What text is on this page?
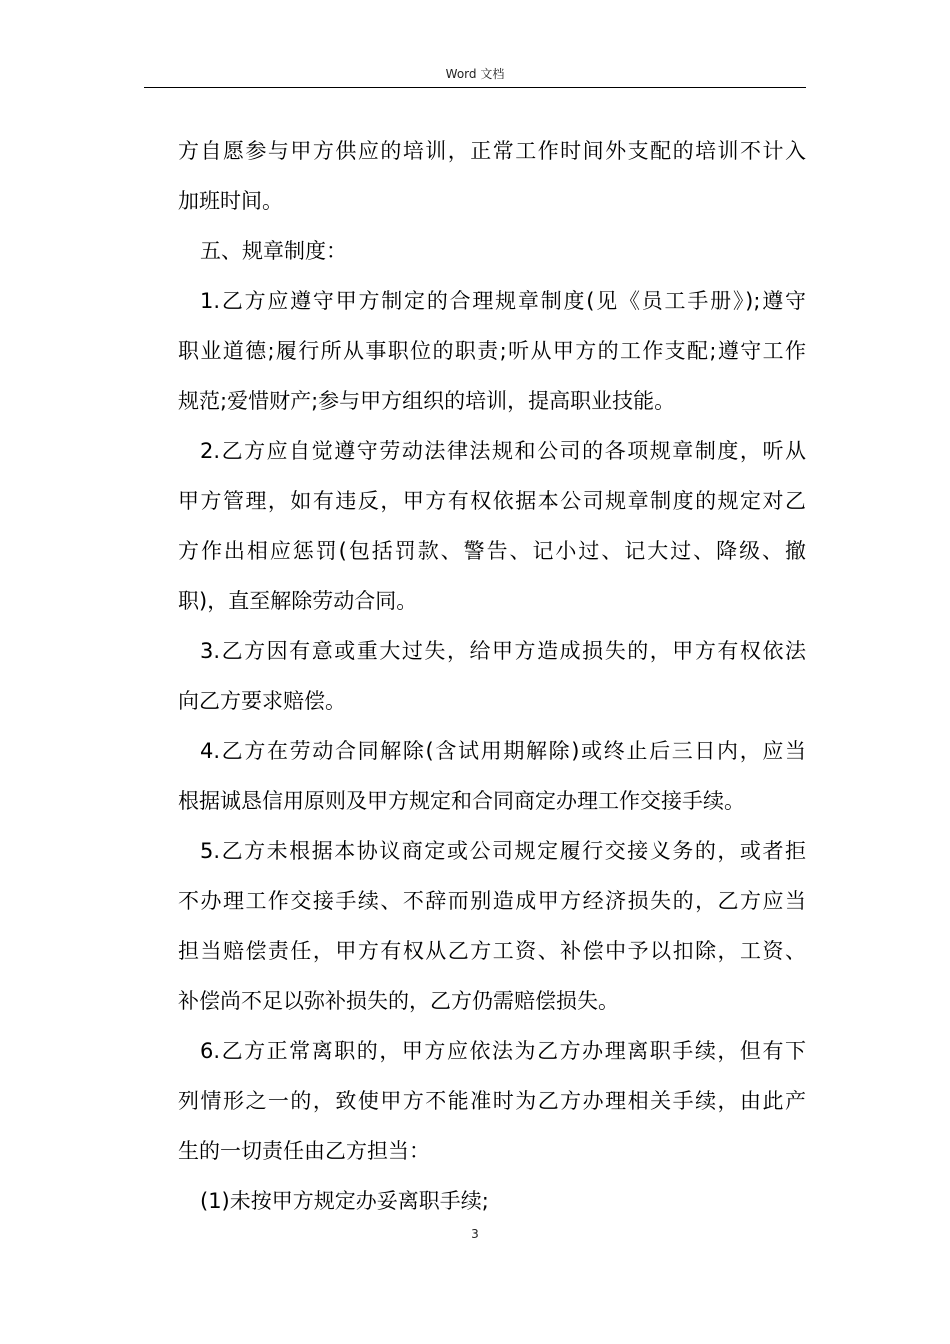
Word 文档
方自愿参与甲方供应的培训，正常工作时间外支配的培训不计入
加班时间。
五、规章制度：
1.乙方应遵守甲方制定的合理规章制度(见《员工手册》);遵守
职业道德;履行所从事职位的职责;听从甲方的工作支配;遵守工作
规范;爱惜财产;参与甲方组织的培训，提高职业技能。
2.乙方应自觉遵守劳动法律法规和公司的各项规章制度，听从
甲方管理，如有违反，甲方有权依据本公司规章制度的规定对乙
方作出相应惩罚(包括罚款、警告、记小过、记大过、降级、撤
职)，直至解除劳动合同。
3.乙方因有意或重大过失，给甲方造成损失的，甲方有权依法
向乙方要求赔偿。
4.乙方在劳动合同解除(含试用期解除)或终止后三日内，应当
根据诚恳信用原则及甲方规定和合同商定办理工作交接手续。
5.乙方未根据本协议商定或公司规定履行交接义务的，或者拒
不办理工作交接手续、不辞而别造成甲方经济损失的，乙方应当
担当赔偿责任，甲方有权从乙方工资、补偿中予以扣除，工资、
补偿尚不足以弥补损失的，乙方仍需赔偿损失。
6.乙方正常离职的，甲方应依法为乙方办理离职手续，但有下
列情形之一的，致使甲方不能准时为乙方办理相关手续，由此产
生的一切责任由乙方担当：
(1)未按甲方规定办妥离职手续;
3
